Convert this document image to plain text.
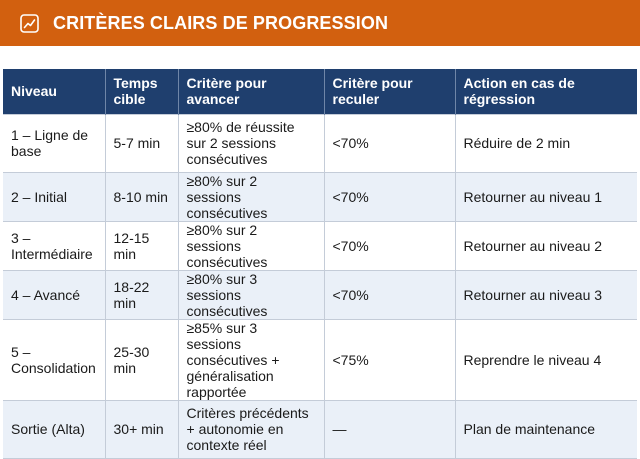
CRITÈRES CLAIRS DE PROGRESSION
Niveau	Temps cible	Critère pour avancer	Critère pour reculer	Action en cas de régression
1 – Ligne de base	5-7 min	≥80% de réussite sur 2 sessions consécutives	<70%	Réduire de 2 min
2 – Initial	8-10 min	≥80% sur 2 sessions consécutives	<70%	Retourner au niveau 1
3 – Intermédiaire	12-15 min	≥80% sur 2 sessions consécutives	<70%	Retourner au niveau 2
4 – Avancé	18-22 min	≥80% sur 3 sessions consécutives	<70%	Retourner au niveau 3
5 – Consolidation	25-30 min	≥85% sur 3 sessions consécutives + généralisation rapportée	<75%	Reprendre le niveau 4
Sortie (Alta)	30+ min	Critères précédents + autonomie en contexte réel	—	Plan de maintenance
